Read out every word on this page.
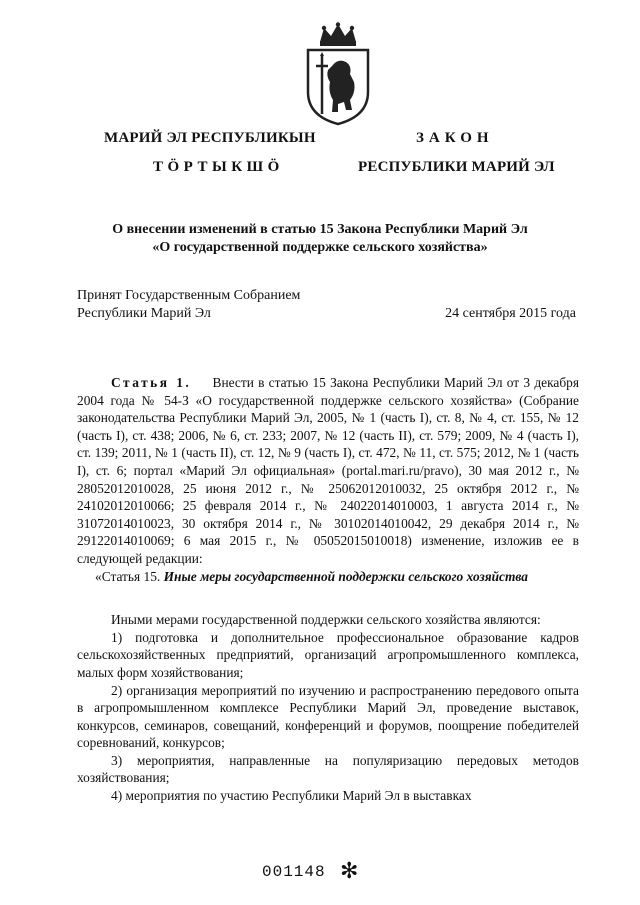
МАРИЙ ЭЛ РЕСПУБЛИКЫН
ТӦРТЫКШӦ
ЗАКОН
РЕСПУБЛИКИ МАРИЙ ЭЛ
О внесении изменений в статью 15 Закона Республики Марий Эл
«О государственной поддержке сельского хозяйства»
Принят Государственным Собранием
Республики Марий Эл	24 сентября 2015 года

Статья 1. Внести в статью 15 Закона Республики Марий Эл от 3 декабря 2004 года № 54-З «О государственной поддержке сельского хозяйства» (Собрание законодательства Республики Марий Эл, 2005, № 1 (часть I), ст. 8, № 4, ст. 155, № 12 (часть I), ст. 438; 2006, № 6, ст. 233; 2007, № 12 (часть II), ст. 579; 2009, № 4 (часть I), ст. 139; 2011, № 1 (часть II), ст. 12, № 9 (часть I), ст. 472, № 11, ст. 575; 2012, № 1 (часть I), ст. 6; портал «Марий Эл официальная» (portal.mari.ru/pravo), 30 мая 2012 г., № 28052012010028, 25 июня 2012 г., № 25062012010032, 25 октября 2012 г., № 24102012010066; 25 февраля 2014 г., № 24022014010003, 1 августа 2014 г., № 31072014010023, 30 октября 2014 г., № 30102014010042, 29 декабря 2014 г., № 29122014010069; 6 мая 2015 г., № 05052015010018) изменение, изложив ее в следующей редакции:

«Статья 15. Иные меры государственной поддержки сельского хозяйства

Иными мерами государственной поддержки сельского хозяйства являются:

1) подготовка и дополнительное профессиональное образование кадров сельскохозяйственных предприятий, организаций агропромышленного комплекса, малых форм хозяйствования;

2) организация мероприятий по изучению и распространению передового опыта в агропромышленном комплексе Республики Марий Эл, проведение выставок, конкурсов, семинаров, совещаний, конференций и форумов, поощрение победителей соревнований, конкурсов;

3) мероприятия, направленные на популяризацию передовых методов хозяйствования;

4) мероприятия по участию Республики Марий Эл в выставках

001148 ✻
